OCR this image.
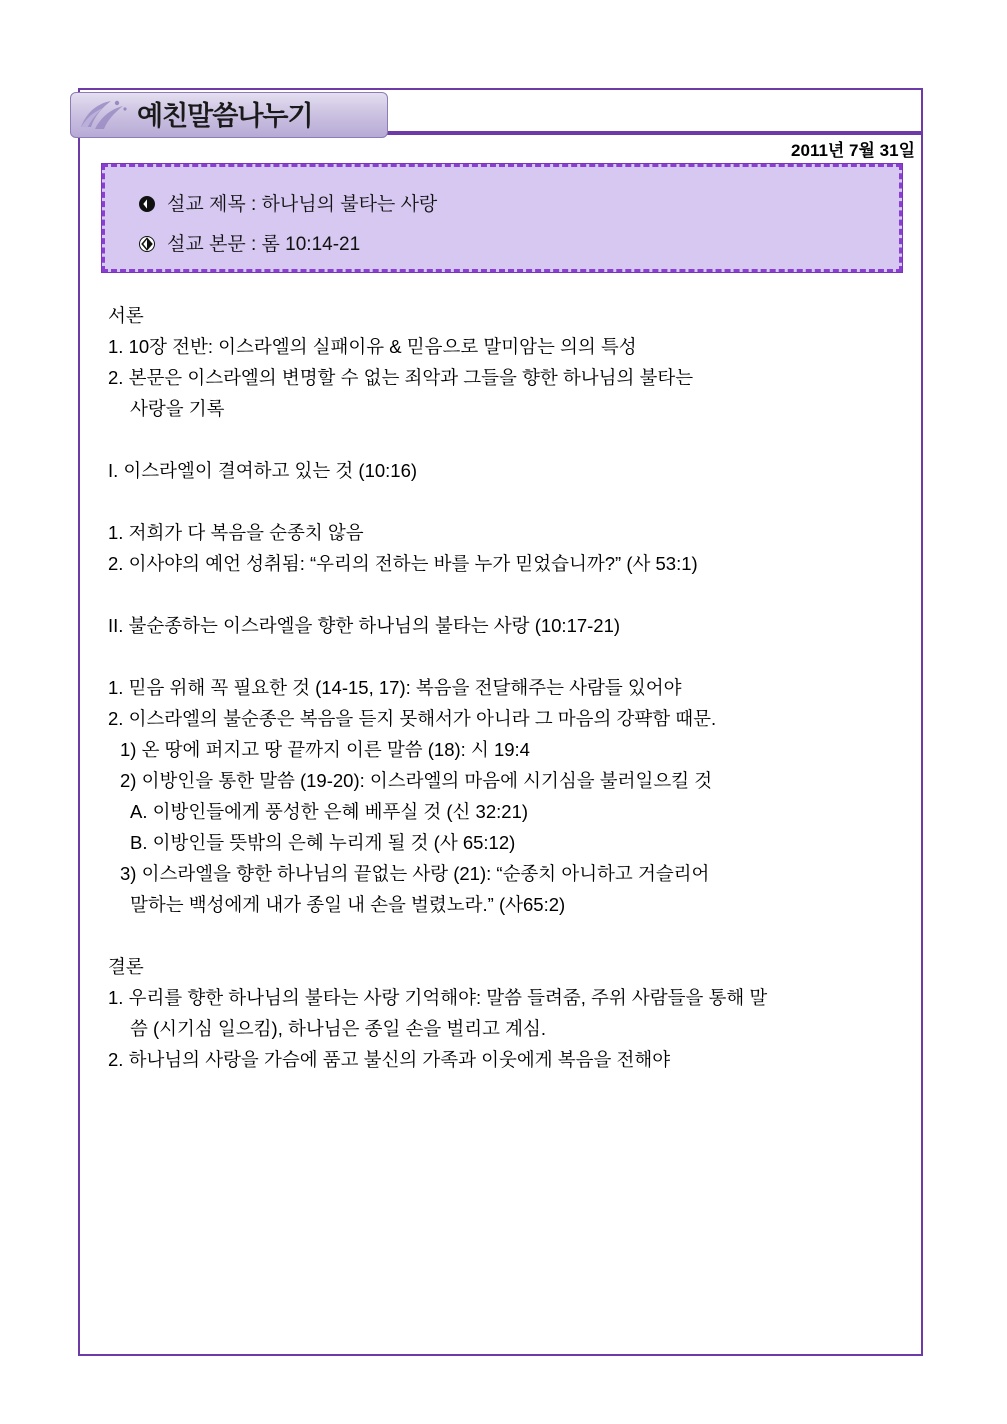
예친말씀나누기
2011년 7월 31일
설교 제목 : 하나님의 불타는 사랑
설교 본문 : 롬 10:14-21
서론
1. 10장 전반: 이스라엘의 실패이유 & 믿음으로 말미암는 의의 특성
2. 본문은 이스라엘의 변명할 수 없는 죄악과 그들을 향한 하나님의 불타는
사랑을 기록
I. 이스라엘이 결여하고 있는 것 (10:16)
1. 저희가 다 복음을 순종치 않음
2. 이사야의 예언 성취됨: “우리의 전하는 바를 누가 믿었습니까?” (사 53:1)
II. 불순종하는 이스라엘을 향한 하나님의 불타는 사랑 (10:17-21)
1. 믿음 위해 꼭 필요한 것 (14-15, 17): 복음을 전달해주는 사람들 있어야
2. 이스라엘의 불순종은 복음을 듣지 못해서가 아니라 그 마음의 강퍅함 때문.
1) 온 땅에 퍼지고 땅 끝까지 이른 말씀 (18): 시 19:4
2) 이방인을 통한 말씀 (19-20): 이스라엘의 마음에 시기심을 불러일으킬 것
A. 이방인들에게 풍성한 은혜 베푸실 것 (신 32:21)
B. 이방인들 뜻밖의 은혜 누리게 될 것 (사 65:12)
3) 이스라엘을 향한 하나님의 끝없는 사랑 (21): “순종치 아니하고 거슬리어
말하는 백성에게 내가 종일 내 손을 벌렸노라.” (사65:2)
결론
1. 우리를 향한 하나님의 불타는 사랑 기억해야: 말씀 들려줌, 주위 사람들을 통해 말
씀 (시기심 일으킴), 하나님은 종일 손을 벌리고 계심.
2. 하나님의 사랑을 가슴에 품고 불신의 가족과 이웃에게 복음을 전해야
